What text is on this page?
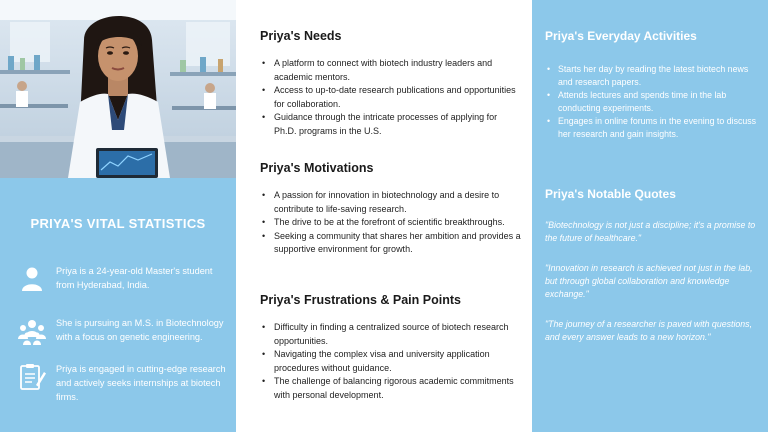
PRIYA'S VITAL STATISTICS
Priya is a 24-year-old Master's student from Hyderabad, India.
She is pursuing an M.S. in Biotechnology with a focus on genetic engineering.
Priya is engaged in cutting-edge research and actively seeks internships at biotech firms.
Priya's Needs
• A platform to connect with biotech industry leaders and academic mentors.
• Access to up-to-date research publications and opportunities for collaboration.
• Guidance through the intricate processes of applying for Ph.D. programs in the U.S.
Priya's Motivations
• A passion for innovation in biotechnology and a desire to contribute to life-saving research.
• The drive to be at the forefront of scientific breakthroughs.
• Seeking a community that shares her ambition and provides a supportive environment for growth.
Priya's Frustrations & Pain Points
• Difficulty in finding a centralized source of biotech research opportunities.
• Navigating the complex visa and university application procedures without guidance.
• The challenge of balancing rigorous academic commitments with personal development.
Priya's Everyday Activities
• Starts her day by reading the latest biotech news and research papers.
• Attends lectures and spends time in the lab conducting experiments.
• Engages in online forums in the evening to discuss her research and gain insights.
Priya's Notable Quotes
"Biotechnology is not just a discipline; it's a promise to the future of healthcare."
"Innovation in research is achieved not just in the lab, but through global collaboration and knowledge exchange."
"The journey of a researcher is paved with questions, and every answer leads to a new horizon."
